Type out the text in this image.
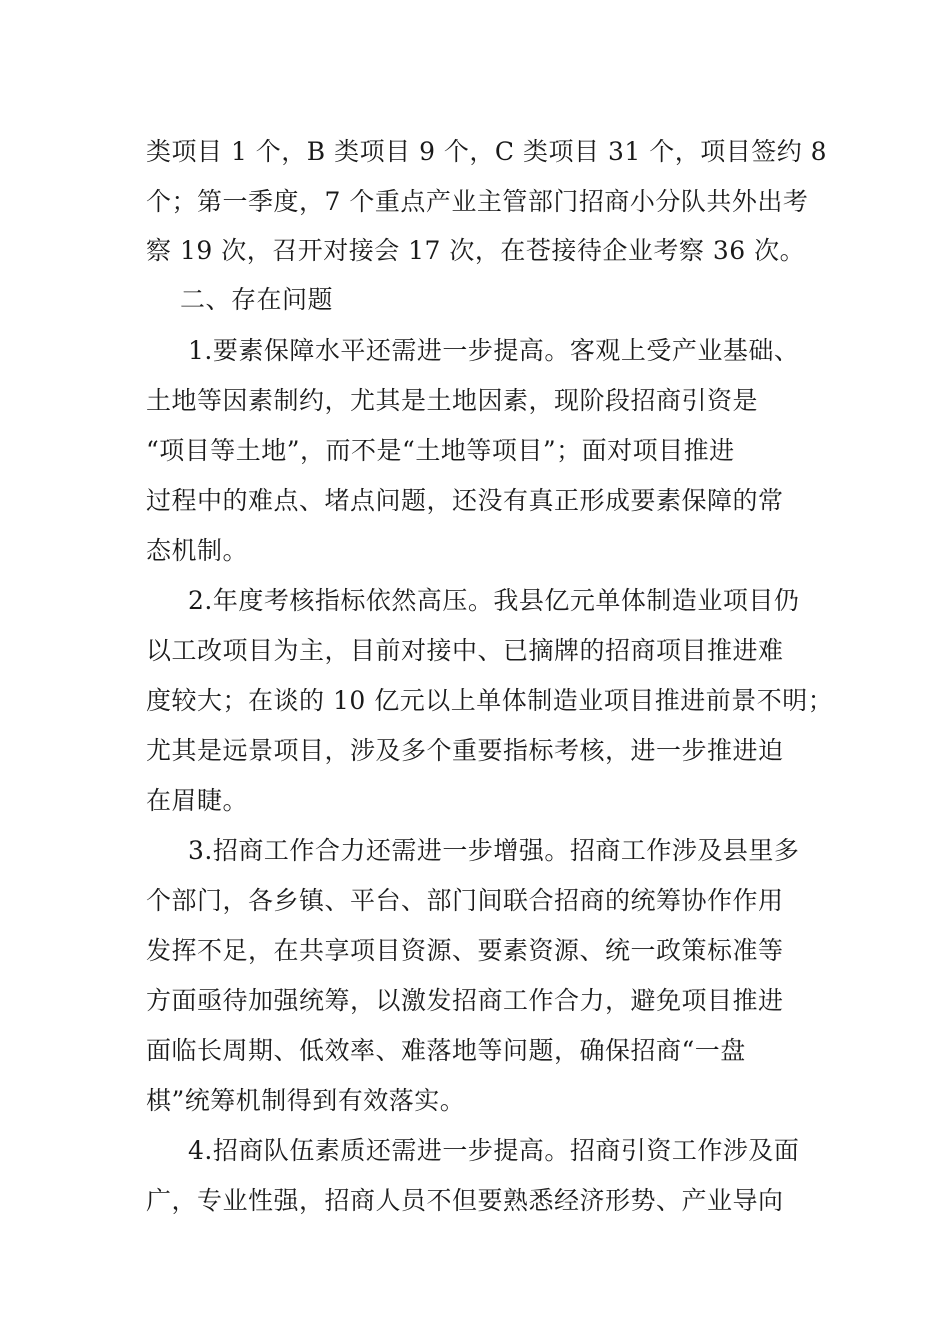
类项目 1 个，B 类项目 9 个，C 类项目 31 个，项目签约 8
个；第一季度，7 个重点产业主管部门招商小分队共外出考
察 19 次，召开对接会 17 次，在苍接待企业考察 36 次。
二、存在问题
1.要素保障水平还需进一步提高。客观上受产业基础、
土地等因素制约，尤其是土地因素，现阶段招商引资是
“项目等土地”，而不是“土地等项目”；面对项目推进
过程中的难点、堵点问题，还没有真正形成要素保障的常
态机制。
2.年度考核指标依然高压。我县亿元单体制造业项目仍
以工改项目为主，目前对接中、已摘牌的招商项目推进难
度较大；在谈的 10 亿元以上单体制造业项目推进前景不明；
尤其是远景项目，涉及多个重要指标考核，进一步推进迫
在眉睫。
3.招商工作合力还需进一步增强。招商工作涉及县里多
个部门，各乡镇、平台、部门间联合招商的统筹协作作用
发挥不足，在共享项目资源、要素资源、统一政策标准等
方面亟待加强统筹，以激发招商工作合力，避免项目推进
面临长周期、低效率、难落地等问题，确保招商“一盘
棋”统筹机制得到有效落实。
4.招商队伍素质还需进一步提高。招商引资工作涉及面
广，专业性强，招商人员不但要熟悉经济形势、产业导向
